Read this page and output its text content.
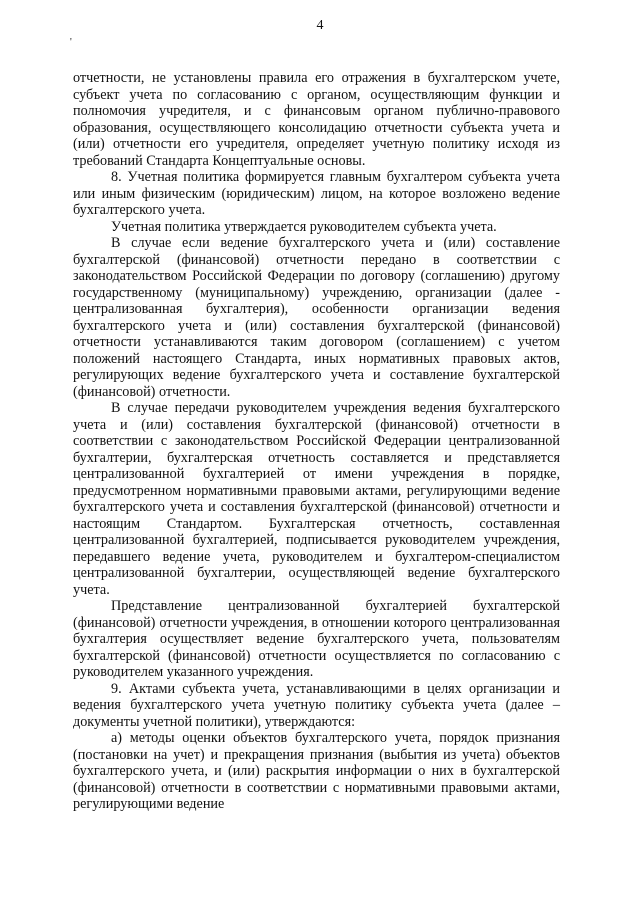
4
'

отчетности, не установлены правила его отражения в бухгалтерском учете, субъект учета по согласованию с органом, осуществляющим функции и полномочия учредителя, и с финансовым органом публично-правового образования, осуществляющего консолидацию отчетности субъекта учета и (или) отчетности его учредителя, определяет учетную политику исходя из требований Стандарта Концептуальные основы.

8. Учетная политика формируется главным бухгалтером субъекта учета или иным физическим (юридическим) лицом, на которое возложено ведение бухгалтерского учета.

Учетная политика утверждается руководителем субъекта учета.

В случае если ведение бухгалтерского учета и (или) составление бухгалтерской (финансовой) отчетности передано в соответствии с законодательством Российской Федерации по договору (соглашению) другому государственному (муниципальному) учреждению, организации (далее - централизованная бухгалтерия), особенности организации ведения бухгалтерского учета и (или) составления бухгалтерской (финансовой) отчетности устанавливаются таким договором (соглашением) с учетом положений настоящего Стандарта, иных нормативных правовых актов, регулирующих ведение бухгалтерского учета и составление бухгалтерской (финансовой) отчетности.

В случае передачи руководителем учреждения ведения бухгалтерского учета и (или) составления бухгалтерской (финансовой) отчетности в соответствии с законодательством Российской Федерации централизованной бухгалтерии, бухгалтерская отчетность составляется и представляется централизованной бухгалтерией от имени учреждения в порядке, предусмотренном нормативными правовыми актами, регулирующими ведение бухгалтерского учета и составления бухгалтерской (финансовой) отчетности и настоящим Стандартом. Бухгалтерская отчетность, составленная централизованной бухгалтерией, подписывается руководителем учреждения, передавшего ведение учета, руководителем и бухгалтером-специалистом централизованной бухгалтерии, осуществляющей ведение бухгалтерского учета.

Представление централизованной бухгалтерией бухгалтерской (финансовой) отчетности учреждения, в отношении которого централизованная бухгалтерия осуществляет ведение бухгалтерского учета, пользователям бухгалтерской (финансовой) отчетности осуществляется по согласованию с руководителем указанного учреждения.

9. Актами субъекта учета, устанавливающими в целях организации и ведения бухгалтерского учета учетную политику субъекта учета (далее – документы учетной политики), утверждаются:

а) методы оценки объектов бухгалтерского учета, порядок признания (постановки на учет) и прекращения признания (выбытия из учета) объектов бухгалтерского учета, и (или) раскрытия информации о них в бухгалтерской (финансовой) отчетности в соответствии с нормативными правовыми актами, регулирующими ведение
